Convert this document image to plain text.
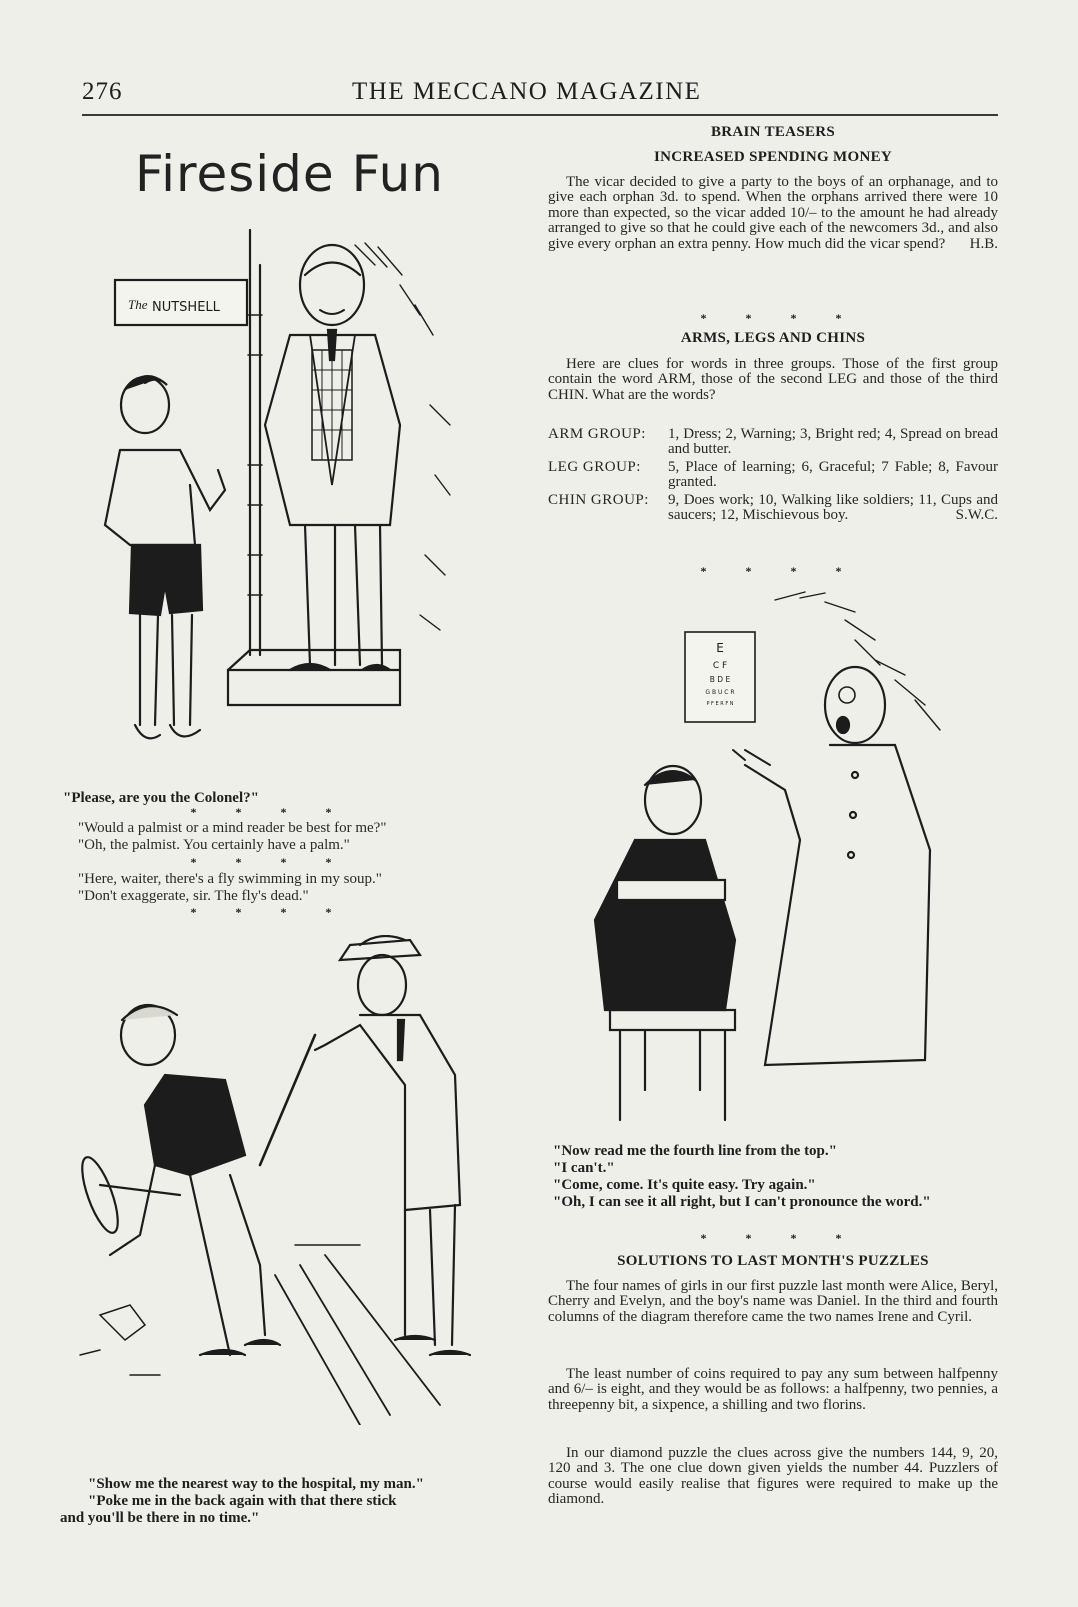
276	THE MECCANO MAGAZINE
Fireside Fun
The NUTSHELL
"Please, are you the Colonel?"
* * * *
"Would a palmist or a mind reader be best for me?"
"Oh, the palmist. You certainly have a palm."
* * * *
"Here, waiter, there's a fly swimming in my soup."
"Don't exaggerate, sir. The fly's dead."
* * * *
"Show me the nearest way to the hospital, my man."
"Poke me in the back again with that there stick
and you'll be there in no time."
BRAIN TEASERS
INCREASED SPENDING MONEY
The vicar decided to give a party to the boys of an orphanage, and to give each orphan 3d. to spend. When the orphans arrived there were 10 more than expected, so the vicar added 10/– to the amount he had already arranged to give so that he could give each of the newcomers 3d., and also give every orphan an extra penny. How much did the vicar spend?	H.B.
* * * *
ARMS, LEGS AND CHINS
Here are clues for words in three groups. Those of the first group contain the word ARM, those of the second LEG and those of the third CHIN. What are the words?
ARM GROUP:	1, Dress; 2, Warning; 3, Bright red; 4, Spread on bread and butter.
LEG GROUP:	5, Place of learning; 6, Graceful; 7 Fable; 8, Favour granted.
CHIN GROUP:	9, Does work; 10, Walking like soldiers; 11, Cups and saucers; 12, Mischievous boy.	S.W.C.
* * * *
E
C F
B D E
G B U C R
P F E R F N
"Now read me the fourth line from the top."
"I can't."
"Come, come. It's quite easy. Try again."
"Oh, I can see it all right, but I can't pronounce the word."
* * * *
SOLUTIONS TO LAST MONTH'S PUZZLES
The four names of girls in our first puzzle last month were Alice, Beryl, Cherry and Evelyn, and the boy's name was Daniel. In the third and fourth columns of the diagram therefore came the two names Irene and Cyril.
The least number of coins required to pay any sum between halfpenny and 6/– is eight, and they would be as follows: a halfpenny, two pennies, a threepenny bit, a sixpence, a shilling and two florins.
In our diamond puzzle the clues across give the numbers 144, 9, 20, 120 and 3. The one clue down given yields the number 44. Puzzlers of course would easily realise that figures were required to make up the diamond.
